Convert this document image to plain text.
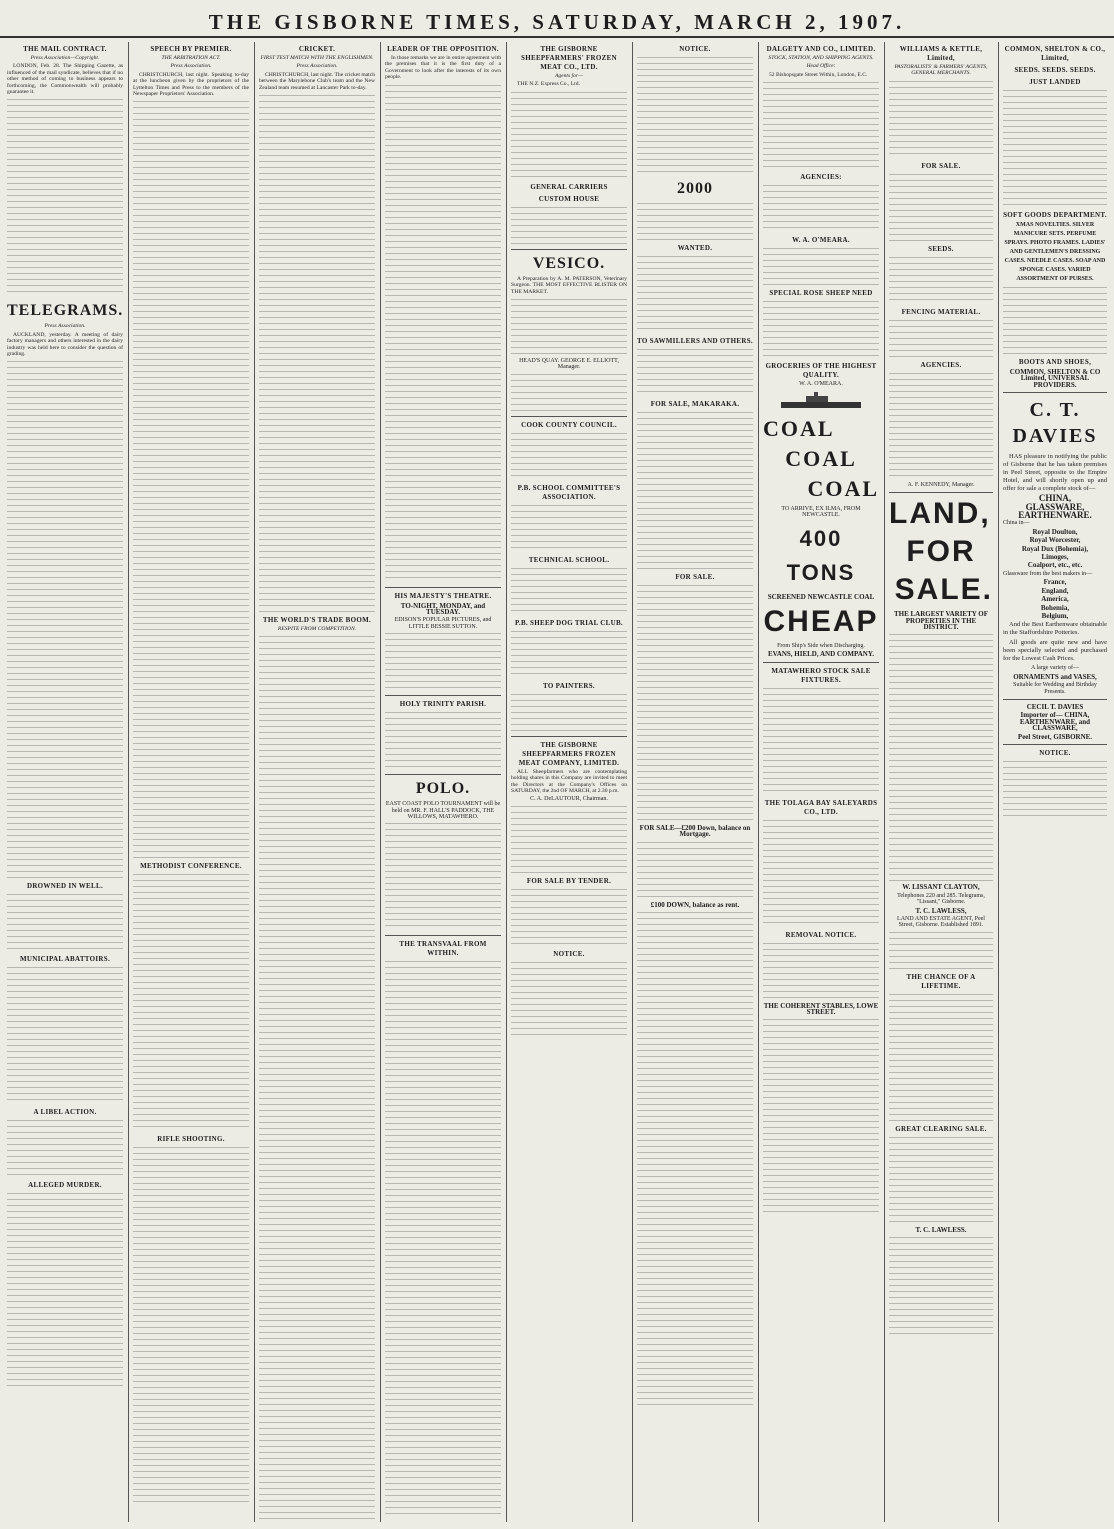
THE GISBORNE TIMES, SATURDAY, MARCH 2, 1907.
THE MAIL CONTRACT.
Press Association—Copyright.

LONDON, Feb. 28. The Shipping Gazette, as influenced of the mail syndicate, believes that if no other method of coming to business appears to forthcoming, the Commonwealth will probably guarantee it.

TELEGRAMS.
Press Association.

AUCKLAND, yesterday. A meeting of dairy factory managers and others interested in the dairy industry was held here to consider the question of grading.

DROWNED IN WELL.
MUNICIPAL ABATTOIRS.
A LIBEL ACTION.
ALLEGED MURDER.
SPEECH BY PREMIER.
THE ARBITRATION ACT.
Press Association.

CHRISTCHURCH, last night. Speaking to-day at the luncheon given by the proprietors of the Lyttelton Times and Press to the members of the Newspaper Proprietors' Association.

METHODIST CONFERENCE.
RIFLE SHOOTING.
CRICKET.
FIRST TEST MATCH WITH THE ENGLISHMEN.
Press Association.

CHRISTCHURCH, last night. The cricket match between the Marylebone Club's team and the New Zealand team resumed at Lancaster Park to-day.

THE WORLD'S TRADE BOOM.
RESPITE FROM COMPETITION.
LEADER OF THE OPPOSITION.

In those remarks we are in entire agreement with the premises that it is the first duty of a Government to look after the interests of its own people.

HIS MAJESTY'S THEATRE.
TO-NIGHT, MONDAY, and TUESDAY.
EDISON'S POPULAR PICTURES, and LITTLE BESSIE SUTTON.
HOLY TRINITY PARISH.
POLO.
EAST COAST POLO TOURNAMENT will be held on MR. F. HALL'S PADDOCK, THE WILLOWS, MATAWHERO.
THE TRANSVAAL FROM WITHIN.
THE GISBORNE SHEEPFARMERS' FROZEN MEAT CO., LTD.
Agents for—

THE N.Z. Express Co., Ltd.

GENERAL CARRIERS
CUSTOM HOUSE
VESICO.

A Preparation by A. M. PATERSON, Veterinary Surgeon. THE MOST EFFECTIVE BLISTER ON THE MARKET.

HEAD'S QUAY. GEORGE E. ELLIOTT, Manager.
COOK COUNTY COUNCIL.
P.B. SCHOOL COMMITTEE'S ASSOCIATION.
TECHNICAL SCHOOL.
P.B. SHEEP DOG TRIAL CLUB.
TO PAINTERS.
THE GISBORNE SHEEPFARMERS FROZEN MEAT COMPANY, LIMITED.

ALL Sheepfarmers who are contemplating holding shares in this Company are invited to meet the Directors at the Company's Offices on SATURDAY, the 2nd OF MARCH, at 2.30 p.m.

C. A. DeLAUTOUR, Chairman.
FOR SALE BY TENDER.
NOTICE.
NOTICE.
2000
WANTED.
TO SAWMILLERS AND OTHERS.
FOR SALE, MAKARAKA.
FOR SALE.
FOR SALE—£200 Down, balance on Mortgage.
£100 DOWN, balance as rent.
DALGETY AND CO., LIMITED.
STOCK, STATION, AND SHIPPING AGENTS.
Head Office:

52 Bishopsgate Street Within, London, E.C.

AGENCIES:
W. A. O'MEARA.
SPECIAL ROSE SHEEP NEED
GROCERIES OF THE HIGHEST QUALITY.
W. A. O'MEARA.
COAL
COAL
COAL
TO ARRIVE, EX ILMA, FROM NEWCASTLE.
400 TONS
SCREENED NEWCASTLE COAL
CHEAP
From Ship's Side when Discharging.
EVANS, HIELD, AND COMPANY.
MATAWHERO STOCK SALE FIXTURES.
THE TOLAGA BAY SALEYARDS CO., LTD.
REMOVAL NOTICE.
THE COHERENT STABLES, LOWE STREET.
WILLIAMS & KETTLE, Limited,
PASTORALISTS' & FARMERS' AGENTS, GENERAL MERCHANTS.
FOR SALE.
SEEDS.
FENCING MATERIAL.
AGENCIES.
A. F. KENNEDY, Manager.
LAND,
FOR
SALE.
THE LARGEST VARIETY OF PROPERTIES IN THE DISTRICT.
W. LISSANT CLAYTON,
Telephones 220 and 285. Telegrams, "Lissant," Gisborne.
T. C. LAWLESS,
LAND AND ESTATE AGENT, Peel Street, Gisborne. Established 1891.
THE CHANCE OF A LIFETIME.
GREAT CLEARING SALE.
T. C. LAWLESS.
COMMON, SHELTON & CO., Limited,
SEEDS. SEEDS. SEEDS.
JUST LANDED
SOFT GOODS DEPARTMENT.
XMAS NOVELTIES. SILVER MANICURE SETS. PERFUME SPRAYS. PHOTO FRAMES. LADIES' AND GENTLEMEN'S DRESSING CASES. NEEDLE CASES. SOAP AND SPONGE CASES. VARIED ASSORTMENT OF PURSES.
BOOTS AND SHOES,
COMMON, SHELTON & CO Limited, UNIVERSAL PROVIDERS.
C. T. DAVIES

HAS pleasure in notifying the public of Gisborne that he has taken premises in Peel Street, opposite to the Empire Hotel, and will shortly open up and offer for sale a complete stock of—

CHINA,
GLASSWARE,
EARTHENWARE.
China in—
Royal Doulton,
Royal Worcester,
Royal Dux (Bohemia),
Limoges,
Coalport, etc., etc.
Glassware from the best makers in—
France,
England,
America,
Bohemia,
Belgium,

And the Best Earthenware obtainable in the Staffordshire Potteries.

All goods are quite new and have been specially selected and purchased for the Lowest Cash Prices.

A large variety of—
ORNAMENTS and VASES,
Suitable for Wedding and Birthday Presents.
CECIL T. DAVIES
Importer of— CHINA, EARTHENWARE, and CLASSWARE,
Peel Street, GISBORNE.
NOTICE.
